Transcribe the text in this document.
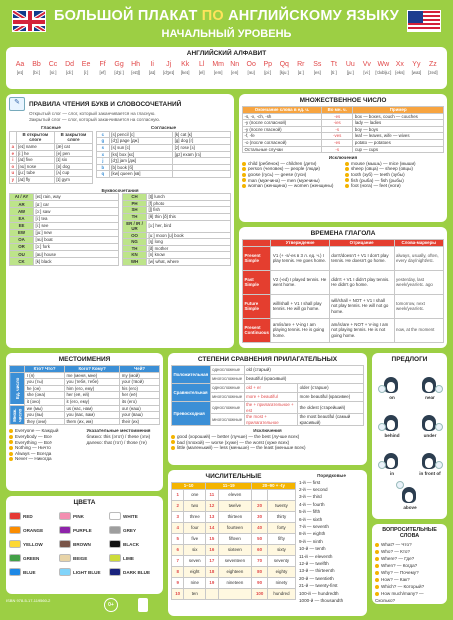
БОЛЬШОЙ ПЛАКАТ ПО АНГЛИЙСКОМУ ЯЗЫКУ
НАЧАЛЬНЫЙ УРОВЕНЬ
АНГЛИЙСКИЙ АЛФАВИТ
Aa	Bb	Cc	Dd	Ee	Ff	Gg	Hh	Ii	Jj	Kk	Ll	Mm Nn	Oo	Pp	Qq	Rr	Ss	Tt	Uu	Vv Ww Xx	Yy	Zz
[eɪ]	[biː]	[siː]	[diː]	[iː]	[ef]	[dʒiː]	[eɪtʃ]	[aɪ]	[dʒeɪ]	[keɪ]	[el]	[em]	[en]	[əʊ]	[piː]	[kjuː]	[ɑː]	[es]	[tiː]	[juː]	[viː]	['dʌblju:] [eks]	[waɪ]	[zed]
✎	ПРАВИЛА ЧТЕНИЯ БУКВ И СЛОВОСОЧЕТАНИЙ
Открытый слог — слог, который заканчивается на гласную.
Закрытый слог — слог, который заканчивается на согласную.
Гласные
	В открытом слоге	В закрытом слоге
a	[eɪ] name	[æ] cat
e	[iː] he	[e] pen
i	[aɪ] five	[ɪ] six
o	[əʊ] nose	[ɒ] dog
u	[juː] tube	[ʌ] cup
y	[aɪ] fly	[ɪ] gym
Согласные
c	[s] pencil [с]	[k] cat [к]
g	[dʒ] page [дж]	[g] dog [г]
s	[s] sun [с]	[z] rose [з]
x	[ks] box [кс]	[gz] exam [гз]
j	[dʒ] jam [дж]	
b	[b] book [б]	
q	[kw] queen [кв]	
Буквосочетания
AI / AY	[eɪ] rain, way
AR	[ɑː] car
AW	[ɔː] saw
EA	[iː] tea
EE	[iː] see
EW	[juː] new
OA	[əʊ] boat
OR	[ɔː] fork
OU	[aʊ] house
CK	[k] black
CH	[tʃ] lunch
PH	[f] photo
SH	[ʃ] fish
TH	[θ] thin [ð] this
ER / IR / UR	[ɜː] her, bird
OO	[uː] moon [ʊ] book
NG	[ŋ] long
TH	[ð] mother
KN	[n] know
WH	[w] what, where
МНОЖЕСТВЕННОЕ ЧИСЛО
Окончание слова в ед. ч.	Во мн. ч.	Пример
-s, -x, -ch, -sh	-es	box — boxes, couch — couches
-y (после согласной)	-ies	lady — ladies
-y (после гласной)	-s	boy — boys
-f, -fe	-ves	leaf — leaves, wife — wives
-o (после согласной)	-es	potato — potatoes
Остальные случаи	-s	cup — cups
Исключения
child (ребёнок) — children (дети)
person (человек) — people (люди)
goose (гусь) — geese (гуси)
man (мужчина) — men (мужчины)
woman (женщина) — women (женщины)
mouse (мышь) — mice (мыши)
sheep (овца) — sheep (овцы)
tooth (зуб) — teeth (зубы)
fish (рыба) — fish (рыбы)
foot (нога) — feet (ноги)
ВРЕМЕНА ГЛАГОЛА
	Утверждение	Отрицание	Слова-маркеры
Present Simple	V1 (+ -s/-es в 3 л. ед. ч.) I play tennis. He goes home.	don't/doesn't + V1 I don't play tennis. He doesn't go home.	always, usually, often, every day/night/etc.
Past Simple	V2 (-ed) I played tennis. He went home.	didn't + V1 I didn't play tennis. He didn't go home.	yesterday, last week/year/etc. ago
Future Simple	will/shall + V1 I shall play tennis. He will go home.	will/shall + NOT + V1 I shall not play tennis. He will not go home.	tomorrow, next week/year/etc.
Present Continuous	am/is/are + V-ing I am playing tennis. He is going home.	am/is/are + NOT + V-ing I am not playing tennis. He is not going home.	now, at the moment
МЕСТОИМЕНИЯ
	Кто? Что?	Кого? Кому?	Чей?
Ед. число	I (я)	me (меня, мне)	my (мой)
	you (ты)	you (тебя, тебе)	your (твой)
	he (он)	him (его, ему)	his (его)
	she (она)	her (её, ей)	her (её)
	it (оно)	it (его, ему)	its (его)
Множ. число	we (мы)	us (нас, нам)	our (наш)
	you (вы)	you (вас, вам)	your (ваш)
	they (они)	them (их, им)	their (их)
Everyone — Каждый
Everybody — Все
Everything — Всё
Nothing — Ничто
Always — Всегда
Never — Никогда
Указательные местоимения
близко: this (этот) / these (эти)
далеко: that (тот) / those (те)
СТЕПЕНИ СРАВНЕНИЯ ПРИЛАГАТЕЛЬНЫХ
Положительная	односложные	old (старый)	
	многосложные	beautiful (красивый)	
Сравнительная	односложные	old + er	older (старше)
	многосложные	more + beautiful	more beautiful (красивее)
Превосходная	односложные	the + прилагательное + est	the oldest (старейший)
	многосложные	the most + прилагательное	the most beautiful (самый красивый)
Исключения
good (хороший) — better (лучше) — the best (лучше всех)
bad (плохой) — worse (хуже) — the worst (хуже всех)
little (маленький) — less (меньше) — the least (меньше всех)
ПРЕДЛОГИ
on	near
behind	under
in	in front of
above
ЦВЕТА
RED	PINK	WHITE
ORANGE	PURPLE	GREY
YELLOW	BROWN	BLACK
GREEN	BEIGE	LIME
BLUE	LIGHT BLUE	DARK BLUE
ЧИСЛИТЕЛЬНЫЕ
1–10		11–19		20–90 + -ty	
1	one	11	eleven		
2	two	12	twelve	20	twenty
3	three	13	thirteen	30	thirty
4	four	14	fourteen	40	forty
5	five	15	fifteen	50	fifty
6	six	16	sixteen	60	sixty
7	seven	17	seventeen	70	seventy
8	eight	18	eighteen	80	eighty
9	nine	19	nineteen	90	ninety
10	ten			100	hundred
Порядковые
1-й — first
2-й — second
3-й — third
4-й — fourth
5-й — fifth
6-й — sixth
7-й — seventh
8-й — eighth
9-й — ninth
10-й — tenth
11-й — eleventh
12-й — twelfth
13-й — thirteenth
20-й — twentieth
21-й — twenty-first
100-й — hundredth
1000-й — thousandth
ВОПРОСИТЕЛЬНЫЕ СЛОВА
What? — Что?
Who? — Кто?
Where? — Где?
When? — Когда?
Why? — Почему?
How? — Как?
Which? — Который?
How much/many? — Сколько?
ISBN 978-5-17-119560-2
0+
